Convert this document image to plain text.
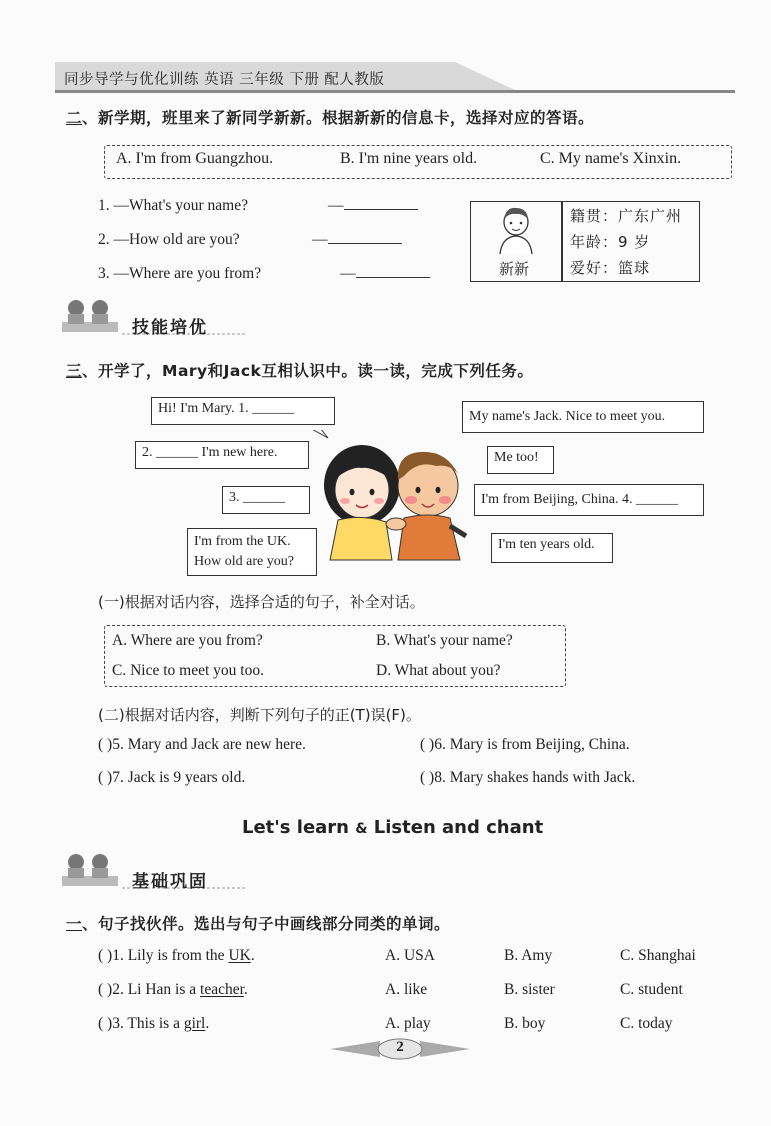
同步导学与优化训练 英语 三年级 下册 配人教版
二、新学期，班里来了新同学新新。根据新新的信息卡，选择对应的答语。
A. I'm from Guangzhou.	B. I'm nine years old.	C. My name's Xinxin.
1. —What's your name?	—
2. —How old are you?	—
3. —Where are you from?	—	新新
籍贯：广东广州
年龄：9 岁
爱好：篮球
技能培优
三、开学了，Mary和Jack互相认识中。读一读，完成下列任务。
Hi! I'm Mary. 1. ______
2. ______ I'm new here.
3. ______
I'm from the UK.
How old are you?
My name's Jack. Nice to meet you.
Me too!
I'm from Beijing, China. 4. ______
I'm ten years old.
(一)根据对话内容，选择合适的句子，补全对话。
A. Where are you from?	B. What's your name?
C. Nice to meet you too.	D. What about you?
(二)根据对话内容，判断下列句子的正(T)误(F)。
( )5. Mary and Jack are new here.	( )6. Mary is from Beijing, China.
( )7. Jack is 9 years old.	( )8. Mary shakes hands with Jack.
Let's learn & Listen and chant
基础巩固
一、句子找伙伴。选出与句子中画线部分同类的单词。
( )1. Lily is from the UK.	A. USA	B. Amy	C. Shanghai
( )2. Li Han is a teacher.	A. like	B. sister	C. student
( )3. This is a girl.	A. play	B. boy	C. today
2
